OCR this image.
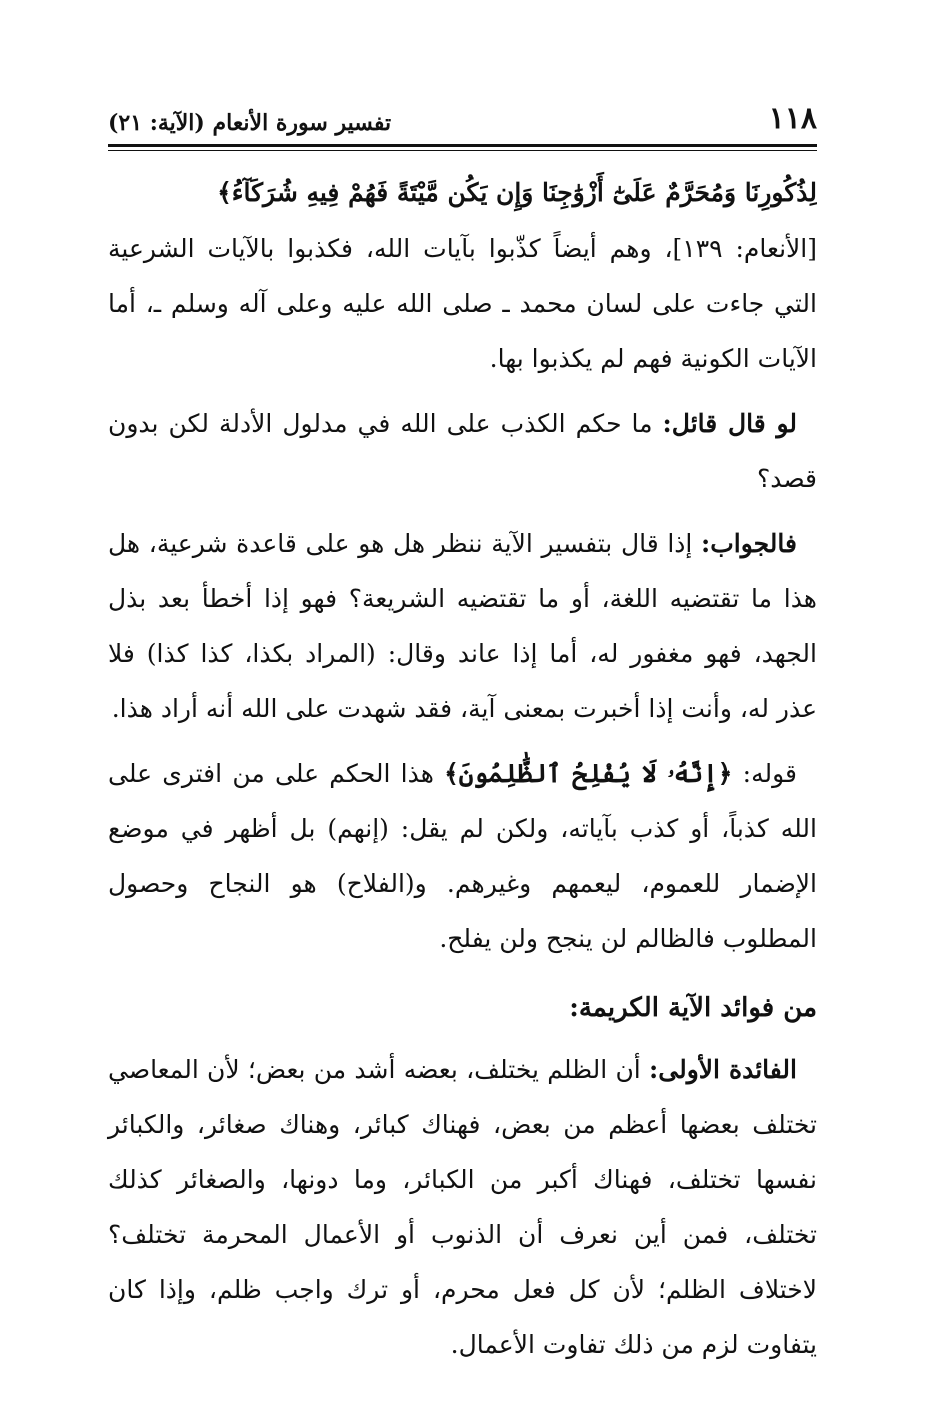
١١٨
تفسير سورة الأنعام (الآية: ٢١)
لِذُكُورِنَا وَمُحَرَّمٌ عَلَىٰٓ أَزْوَٰجِنَا وَإِن يَكُن مَّيْتَةً فَهُمْ فِيهِ شُرَكَآءُ﴾

[الأنعام: ١٣٩]، وهم أيضاً كذّبوا بآيات الله، فكذبوا بالآيات الشرعية التي جاءت على لسان محمد ـ صلى الله عليه وعلى آله وسلم ـ، أما الآيات الكونية فهم لم يكذبوا بها.

لو قال قائل: ما حكم الكذب على الله في مدلول الأدلة لكن بدون قصد؟

فالجواب: إذا قال بتفسير الآية ننظر هل هو على قاعدة شرعية، هل هذا ما تقتضيه اللغة، أو ما تقتضيه الشريعة؟ فهو إذا أخطأ بعد بذل الجهد، فهو مغفور له، أما إذا عاند وقال: (المراد بكذا، كذا كذا) فلا عذر له، وأنت إذا أخبرت بمعنى آية، فقد شهدت على الله أنه أراد هذا.

قوله: ﴿إِنَّهُۥ لَا يُفْلِحُ ٱلظَّٰلِمُونَ﴾ هذا الحكم على من افترى على الله كذباً، أو كذب بآياته، ولكن لم يقل: (إنهم) بل أظهر في موضع الإضمار للعموم، ليعمهم وغيرهم. و(الفلاح) هو النجاح وحصول المطلوب فالظالم لن ينجح ولن يفلح.

من فوائد الآية الكريمة:

الفائدة الأولى: أن الظلم يختلف، بعضه أشد من بعض؛ لأن المعاصي تختلف بعضها أعظم من بعض، فهناك كبائر، وهناك صغائر، والكبائر نفسها تختلف، فهناك أكبر من الكبائر، وما دونها، والصغائر كذلك تختلف، فمن أين نعرف أن الذنوب أو الأعمال المحرمة تختلف؟ لاختلاف الظلم؛ لأن كل فعل محرم، أو ترك واجب ظلم، وإذا كان يتفاوت لزم من ذلك تفاوت الأعمال.
